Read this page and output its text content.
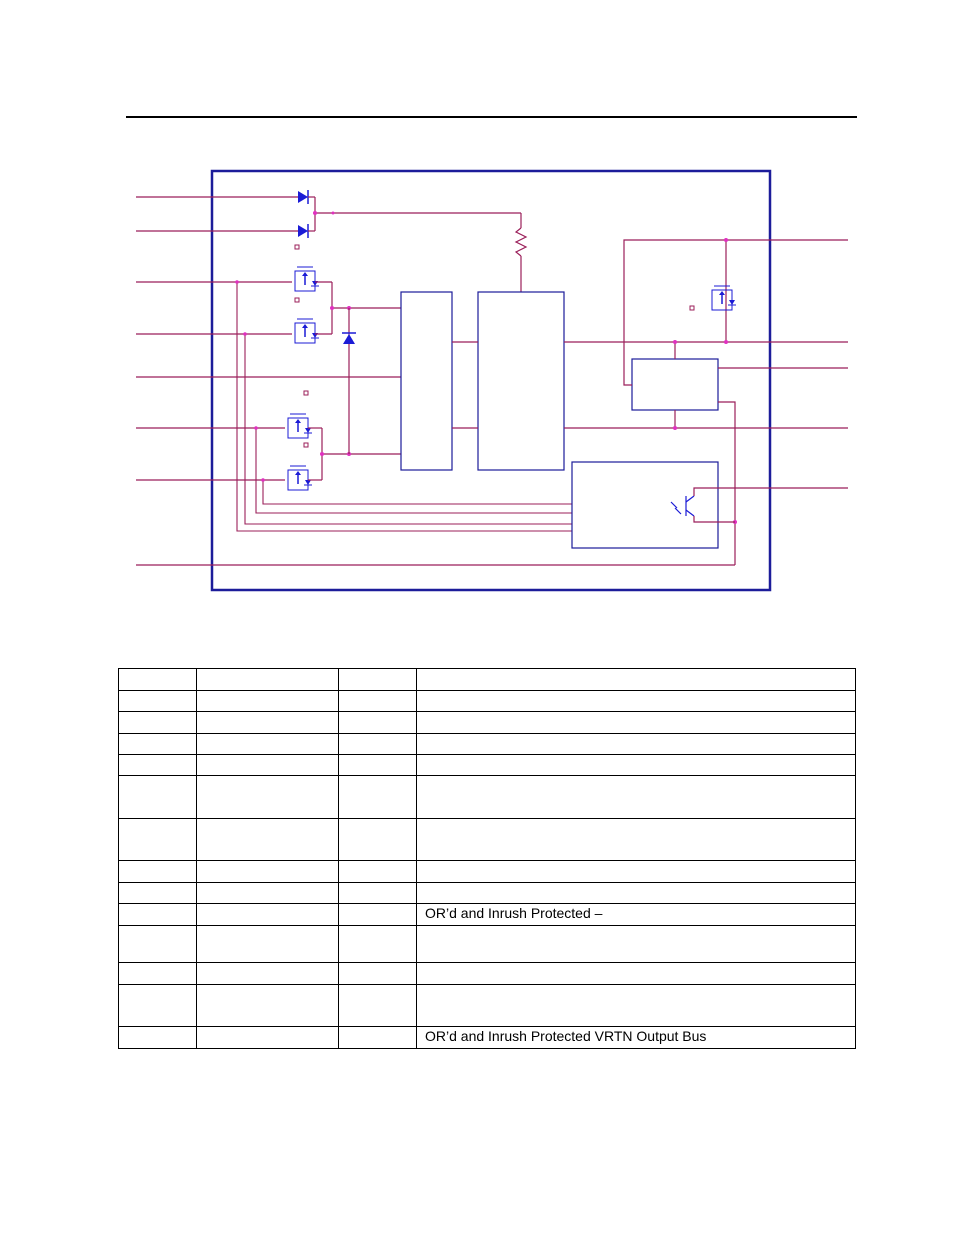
			OR’d and Inrush Protected –

			OR’d and Inrush Protected VRTN Output Bus
